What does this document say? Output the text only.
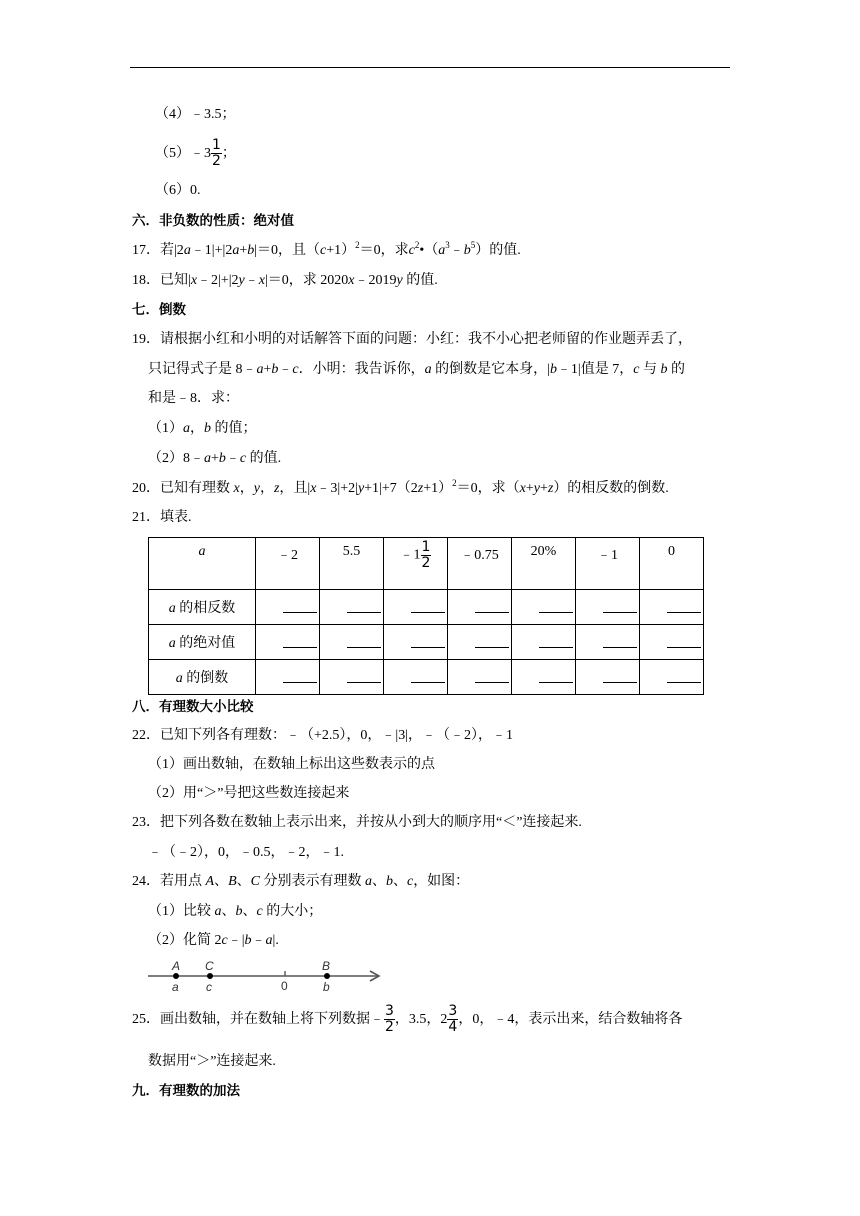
（4）﹣3.5；
（5）﹣3 $\frac{1}{2}$ ；
（6）0.
六．非负数的性质：绝对值
17．若|2a﹣1|+|2a+b|＝0，且$(c+1)^2=0$，求$c^2•(a^3﹣b^5)$的值.
18．已知|x﹣2|+|2y﹣x|＝0，求 2020x﹣2019y 的值.
七．倒数
19．请根据小红和小明的对话解答下面的问题：小红：我不小心把老师留的作业题弄丢了，
只记得式子是 8﹣a+b﹣c．小明：我告诉你，a 的倒数是它本身，|b﹣1|值是 7，c 与 b 的
和是﹣8．求：
（1）a，b 的值；
（2）8﹣a+b﹣c 的值.
20．已知有理数 x，y，z，且$|x﹣3|+2|y+1|+7(2z+1)^2=0$，求（x+y+z）的相反数的倒数.
21．填表.
a	﹣2	5.5	﹣1 $\frac{1}{2}$	﹣0.75	20%	﹣1	0
a 的相反数							
a 的绝对值							
a 的倒数							
八．有理数大小比较
22．已知下列各有理数：﹣（+2.5），0，﹣|3|，﹣（﹣2），﹣1
（1）画出数轴，在数轴上标出这些数表示的点
（2）用“＞”号把这些数连接起来
23．把下列各数在数轴上表示出来，并按从小到大的顺序用“＜”连接起来.
﹣（﹣2），0，﹣0.5，﹣2，﹣1.
24．若用点 A、B、C 分别表示有理数 a、b、c，如图：
（1）比较 a、b、c 的大小；
（2）化简 2c﹣|b﹣a|.
A C	B
a c	0	b
25．画出数轴，并在数轴上将下列数据﹣ $\frac{3}{2}$ ，3.5，$2 \frac{3}{4}$ ，0，﹣4，表示出来，结合数轴将各
数据用“＞”连接起来.
九．有理数的加法
